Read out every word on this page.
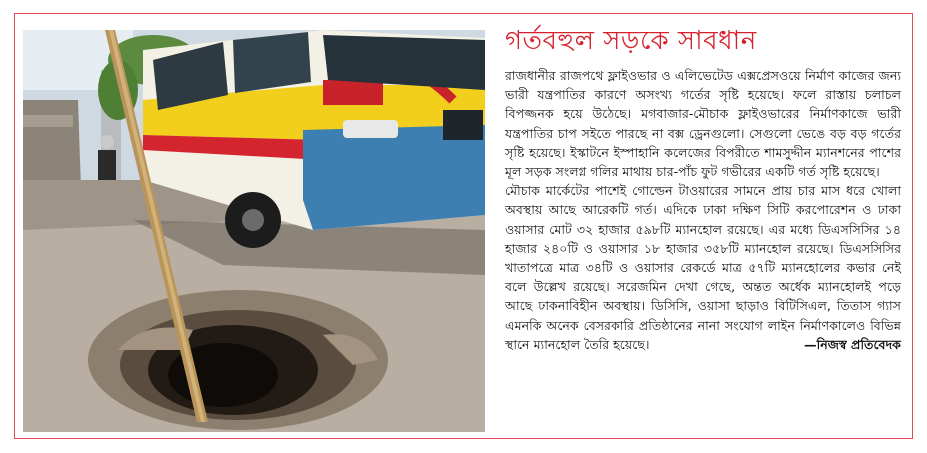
গর্তবহুল সড়কে সাবধান

রাজধানীর রাজপথে ফ্লাইওভার ও এলিভেটেড এক্সপ্রেসওয়ে নির্মাণ কাজের জন্য ভারী যন্ত্রপাতির কারণে অসংখ্য গর্তের সৃষ্টি হয়েছে। ফলে রাস্তায় চলাচল বিপজ্জনক হয়ে উঠেছে। মগবাজার-মৌচাক ফ্লাইওভারের নির্মাণকাজে ভারী যন্ত্রপাতির চাপ সইতে পারছে না বক্স ড্রেনগুলো। সেগুলো ভেঙে বড় বড় গর্তের সৃষ্টি হয়েছে। ইস্কাটনে ইস্পাহানি কলেজের বিপরীতে শামসুদ্দীন ম্যানশনের পাশের মূল সড়ক সংলগ্ন গলির মাথায় চার-পাঁচ ফুট গভীরের একটি গর্ত সৃষ্টি হয়েছে।

মৌচাক মার্কেটের পাশেই গোল্ডেন টাওয়ারের সামনে প্রায় চার মাস ধরে খোলা অবস্থায় আছে আরেকটি গর্ত। এদিকে ঢাকা দক্ষিণ সিটি করপোরেশন ও ঢাকা ওয়াসার মোট ৩২ হাজার ৫৯৮টি ম্যানহোল রয়েছে। এর মধ্যে ডিএসসিসির ১৪ হাজার ২৪০টি ও ওয়াসার ১৮ হাজার ৩৫৮টি ম্যানহোল রয়েছে। ডিএসসিসির খাতাপত্রে মাত্র ৩৪টি ও ওয়াসার রেকর্ডে মাত্র ৫৭টি ম্যানহোলের কভার নেই বলে উল্লেখ রয়েছে। সরেজমিন দেখা গেছে, অন্তত অর্ধেক ম্যানহোলই পড়ে আছে ঢাকনাবিহীন অবস্থায়। ডিসিসি, ওয়াসা ছাড়াও বিটিসিএল, তিতাস গ্যাস এমনকি অনেক বেসরকারি প্রতিষ্ঠানের নানা সংযোগ লাইন নির্মাণকালেও বিভিন্ন স্থানে ম্যানহোল তৈরি হয়েছে।	—নিজস্ব প্রতিবেদক
